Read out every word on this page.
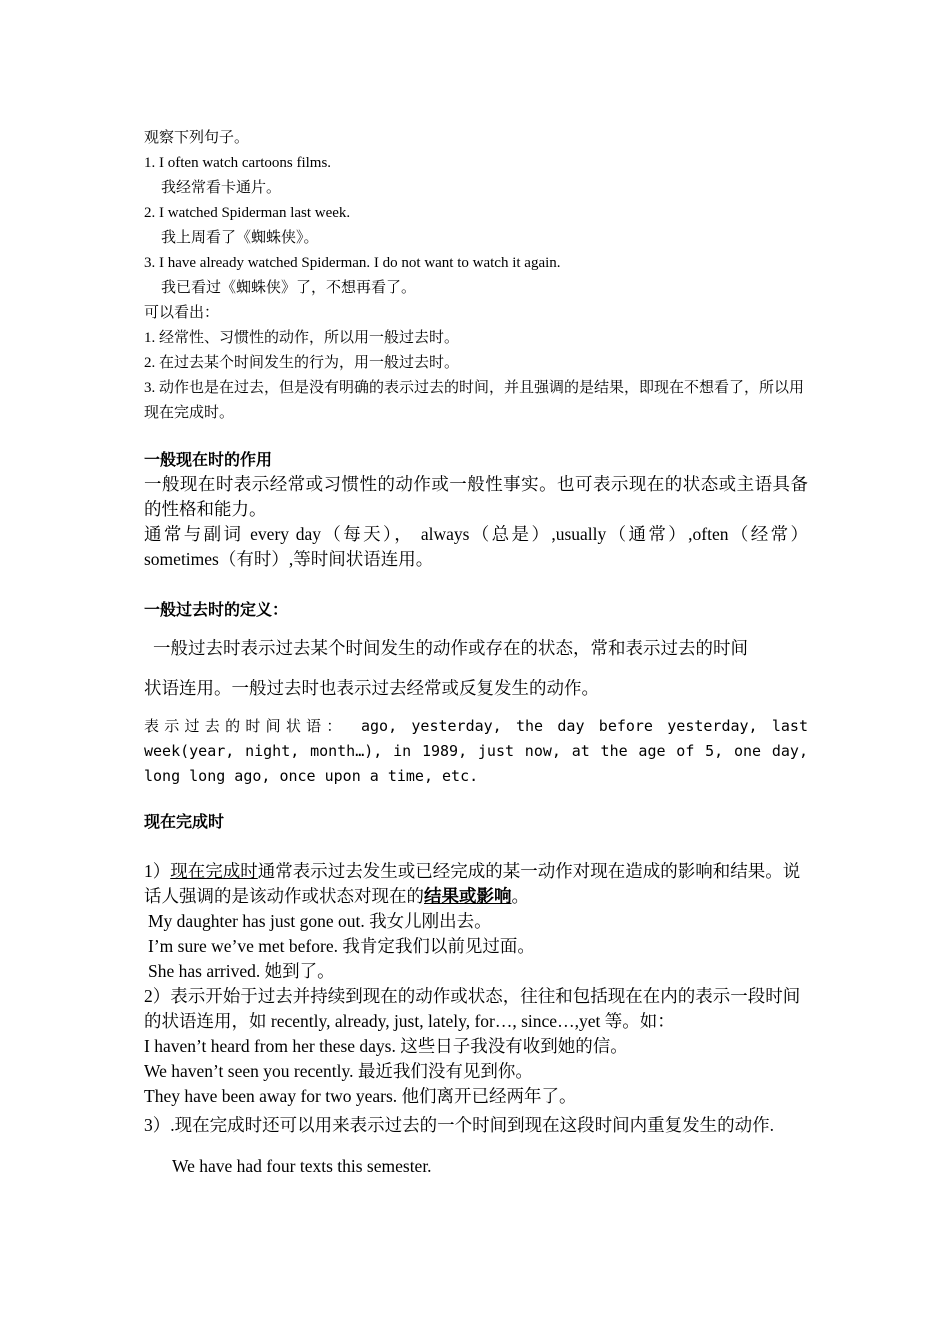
观察下列句子。
1. I often watch cartoons films.
我经常看卡通片。
2. I watched Spiderman last week.
我上周看了《蜘蛛侠》。
3. I have already watched Spiderman. I do not want to watch it again.
我已看过《蜘蛛侠》了，不想再看了。
可以看出：
1. 经常性、习惯性的动作，所以用一般过去时。
2. 在过去某个时间发生的行为，用一般过去时。
3. 动作也是在过去，但是没有明确的表示过去的时间，并且强调的是结果，即现在不想看了，所以用现在完成时。
一般现在时的作用
一般现在时表示经常或习惯性的动作或一般性事实。也可表示现在的状态或主语具备的性格和能力。
通常与副词 every day（每天）， always（总是）,usually（通常）,often（经常）sometimes（有时）,等时间状语连用。
一般过去时的定义：
一般过去时表示过去某个时间发生的动作或存在的状态，常和表示过去的时间
状语连用。一般过去时也表示过去经常或反复发生的动作。
表示过去的时间状语： ago, yesterday, the day before yesterday, last week(year, night, month…), in 1989, just now, at the age of 5, one day, long long ago, once upon a time, etc.
现在完成时
1）现在完成时通常表示过去发生或已经完成的某一动作对现在造成的影响和结果。说话人强调的是该动作或状态对现在的结果或影响。
My daughter has just gone out. 我女儿刚出去。
I’m sure we’ve met before. 我肯定我们以前见过面。
She has arrived. 她到了。
2）表示开始于过去并持续到现在的动作或状态，往往和包括现在在内的表示一段时间的状语连用，如 recently, already, just, lately, for…, since…,yet 等。如：
I haven’t heard from her these days. 这些日子我没有收到她的信。
We haven’t seen you recently. 最近我们没有见到你。
They have been away for two years. 他们离开已经两年了。
3）.现在完成时还可以用来表示过去的一个时间到现在这段时间内重复发生的动作.
We have had four texts this semester.
